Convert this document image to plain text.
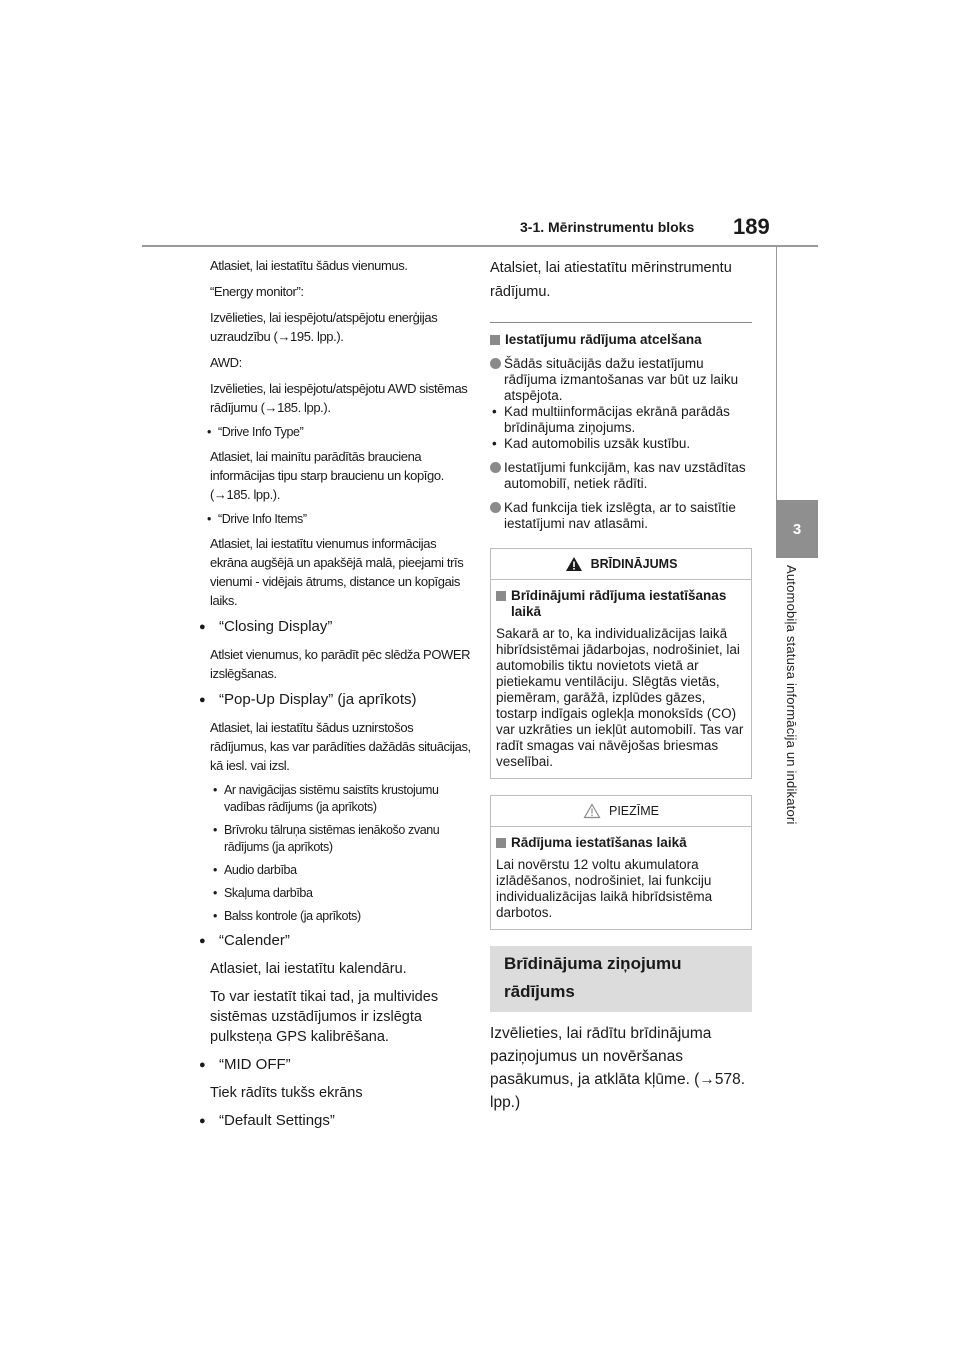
3-1. Mērinstrumentu bloks 189
3
Automobiļa statusa informācija un indikatori
Atlasiet, lai iestatītu šādus vienumus.
“Energy monitor”:
Izvēlieties, lai iespējotu/atspējotu enerģijas uzraudzību (→195. lpp.).
AWD:
Izvēlieties, lai iespējotu/atspējotu AWD sistēmas rādījumu (→185. lpp.).
• “Drive Info Type”
Atlasiet, lai mainītu parādītās brauciena informācijas tipu starp braucienu un kopīgo. (→185. lpp.).
• “Drive Info Items”
Atlasiet, lai iestatītu vienumus informācijas ekrāna augšējā un apakšējā malā, pieejami trīs vienumi - vidējais ātrums, distance un kopīgais laiks.
● “Closing Display”
Atlsiet vienumus, ko parādīt pēc slēdža POWER izslēgšanas.
● “Pop-Up Display” (ja aprīkots)
Atlasiet, lai iestatītu šādus uznirstošos rādījumus, kas var parādīties dažādās situācijas, kā iesl. vai izsl.
• Ar navigācijas sistēmu saistīts krustojumu vadības rādījums (ja aprīkots)
• Brīvroku tālruņa sistēmas ienākošo zvanu rādījums (ja aprīkots)
• Audio darbība
• Skaļuma darbība
• Balss kontrole (ja aprīkots)
● “Calender”
Atlasiet, lai iestatītu kalendāru.
To var iestatīt tikai tad, ja multivides sistēmas uzstādījumos ir izslēgta pulksteņa GPS kalibrēšana.
● “MID OFF”
Tiek rādīts tukšs ekrāns
● “Default Settings”
Atalsiet, lai atiestatītu mērinstrumentu rādījumu.
Iestatījumu rādījuma atcelšana
Šādās situācijās dažu iestatījumu rādījuma izmantošanas var būt uz laiku atspējota.
• Kad multiinformācijas ekrānā parādās brīdinājuma ziņojums.
• Kad automobilis uzsāk kustību.
Iestatījumi funkcijām, kas nav uzstādītas automobilī, netiek rādīti.
Kad funkcija tiek izslēgta, ar to saistītie iestatījumi nav atlasāmi.
BRĪDINĀJUMS
Brīdinājumi rādījuma iestatīšanas laikā
Sakarā ar to, ka individualizācijas laikā hibrīdsistēmai jādarbojas, nodrošiniet, lai automobilis tiktu novietots vietā ar pietiekamu ventilāciju. Slēgtās vietās, piemēram, garāžā, izplūdes gāzes, tostarp indīgais oglekļa monoksīds (CO) var uzkrāties un iekļūt automobilī. Tas var radīt smagas vai nāvējošas briesmas veselībai.
PIEZĪME
Rādījuma iestatīšanas laikā
Lai novērstu 12 voltu akumulatora izlādēšanos, nodrošiniet, lai funkciju individualizācijas laikā hibrīdsistēma darbotos.
Brīdinājuma ziņojumu rādījums
Izvēlieties, lai rādītu brīdinājuma paziņojumus un novēršanas pasākumus, ja atklāta kļūme. (→578. lpp.)
